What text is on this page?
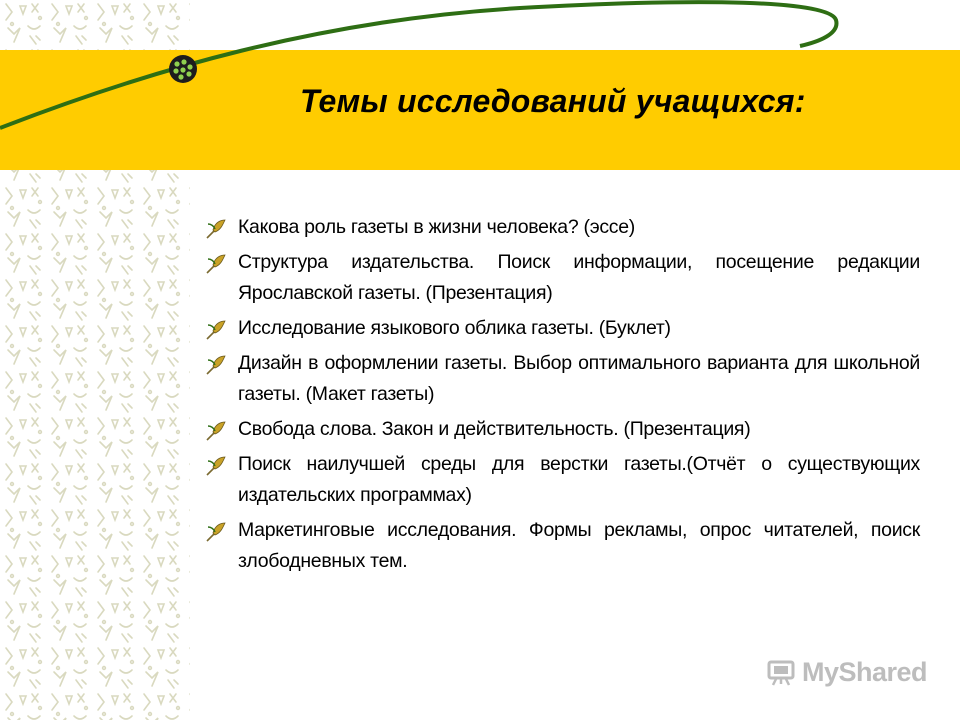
Темы исследований учащихся:
Какова роль газеты в жизни человека? (эссе)
Структура издательства. Поиск информации, посещение редакции Ярославской газеты. (Презентация)
Исследование языкового облика газеты. (Буклет)
Дизайн в оформлении газеты. Выбор оптимального варианта для школьной газеты. (Макет газеты)
Свобода слова. Закон и действительность. (Презентация)
Поиск наилучшей среды для верстки газеты.(Отчёт о существующих издательских программах)
Маркетинговые исследования. Формы рекламы, опрос читателей, поиск злободневных тем.
MyShared
